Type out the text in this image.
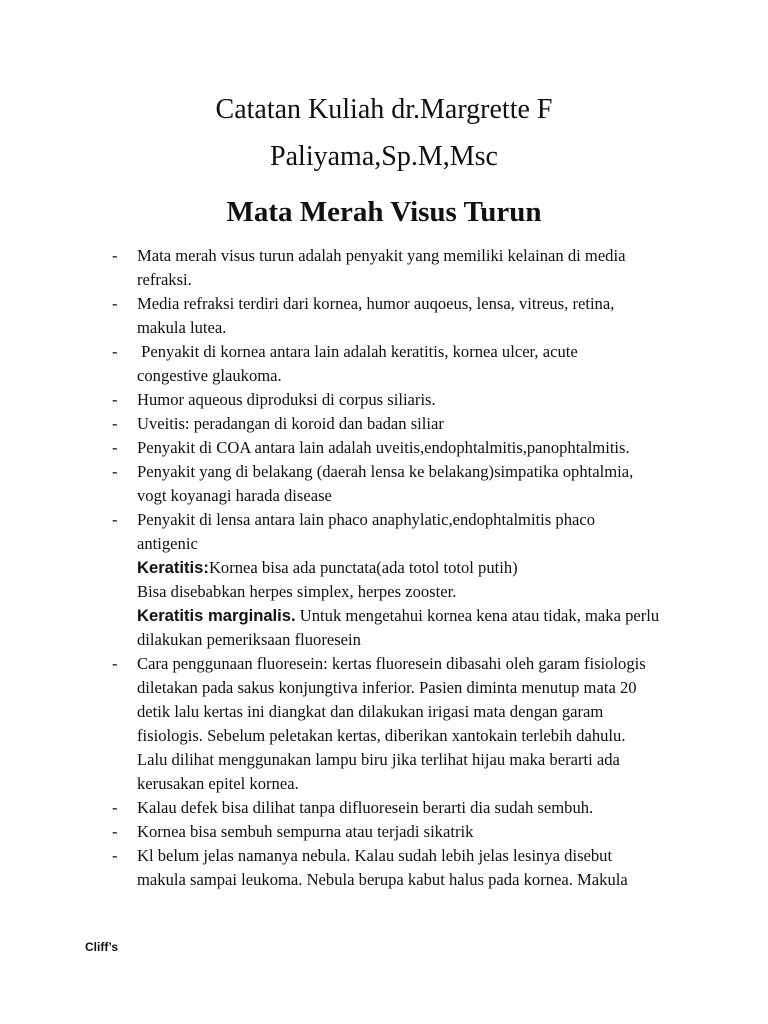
Catatan Kuliah dr.Margrette F
Paliyama,Sp.M,Msc
Mata Merah Visus Turun
- Mata merah visus turun adalah penyakit yang memiliki kelainan di media
refraksi.
- Media refraksi terdiri dari kornea, humor auqoeus, lensa, vitreus, retina,
makula lutea.
- Penyakit di kornea antara lain adalah keratitis, kornea ulcer, acute
congestive glaukoma.
- Humor aqueous diproduksi di corpus siliaris.
- Uveitis: peradangan di koroid dan badan siliar
- Penyakit di COA antara lain adalah uveitis,endophtalmitis,panophtalmitis.
- Penyakit yang di belakang (daerah lensa ke belakang)simpatika ophtalmia,
vogt koyanagi harada disease
- Penyakit di lensa antara lain phaco anaphylatic,endophtalmitis phaco
antigenic
Keratitis:Kornea bisa ada punctata(ada totol totol putih)
Bisa disebabkan herpes simplex, herpes zooster.
Keratitis marginalis. Untuk mengetahui kornea kena atau tidak, maka perlu
dilakukan pemeriksaan fluoresein
- Cara penggunaan fluoresein: kertas fluoresein dibasahi oleh garam fisiologis
diletakan pada sakus konjungtiva inferior. Pasien diminta menutup mata 20
detik lalu kertas ini diangkat dan dilakukan irigasi mata dengan garam
fisiologis. Sebelum peletakan kertas, diberikan xantokain terlebih dahulu.
Lalu dilihat menggunakan lampu biru jika terlihat hijau maka berarti ada
kerusakan epitel kornea.
- Kalau defek bisa dilihat tanpa difluoresein berarti dia sudah sembuh.
- Kornea bisa sembuh sempurna atau terjadi sikatrik
- Kl belum jelas namanya nebula. Kalau sudah lebih jelas lesinya disebut
makula sampai leukoma. Nebula berupa kabut halus pada kornea. Makula
Cliff’s
